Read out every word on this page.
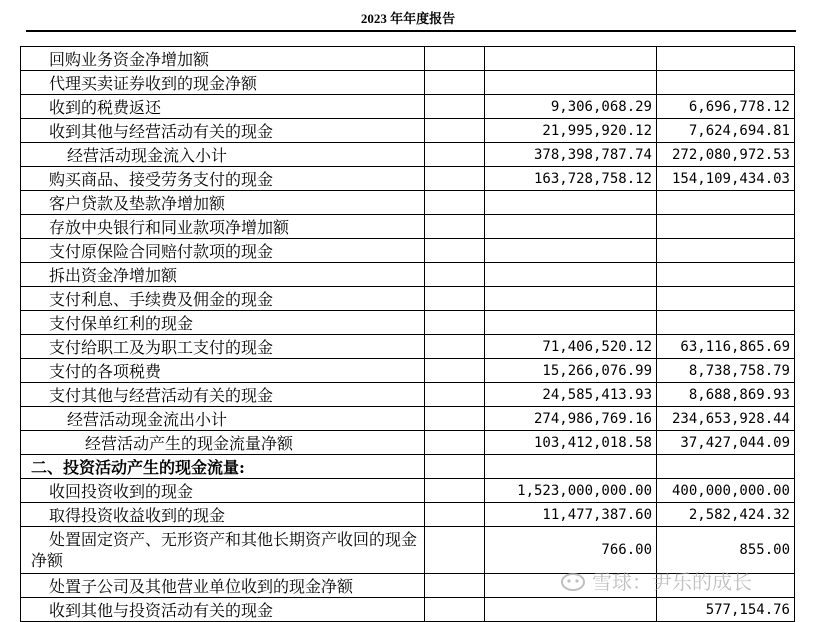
2023 年年度报告
回购业务资金净增加额			
代理买卖证券收到的现金净额			
收到的税费返还		9,306,068.29	6,696,778.12
收到其他与经营活动有关的现金		21,995,920.12	7,624,694.81
经营活动现金流入小计		378,398,787.74	272,080,972.53
购买商品、接受劳务支付的现金		163,728,758.12	154,109,434.03
客户贷款及垫款净增加额			
存放中央银行和同业款项净增加额			
支付原保险合同赔付款项的现金			
拆出资金净增加额			
支付利息、手续费及佣金的现金			
支付保单红利的现金			
支付给职工及为职工支付的现金		71,406,520.12	63,116,865.69
支付的各项税费		15,266,076.99	8,738,758.79
支付其他与经营活动有关的现金		24,585,413.93	8,688,869.93
经营活动现金流出小计		274,986,769.16	234,653,928.44
经营活动产生的现金流量净额		103,412,018.58	37,427,044.09
二、投资活动产生的现金流量:			
收回投资收到的现金		1,523,000,000.00	400,000,000.00
取得投资收益收到的现金		11,477,387.60	2,582,424.32
处置固定资产、无形资产和其他长期资产收回的现金净额		766.00	855.00
处置子公司及其他营业单位收到的现金净额			
收到其他与投资活动有关的现金			577,154.76
雪球：尹乐的成长
